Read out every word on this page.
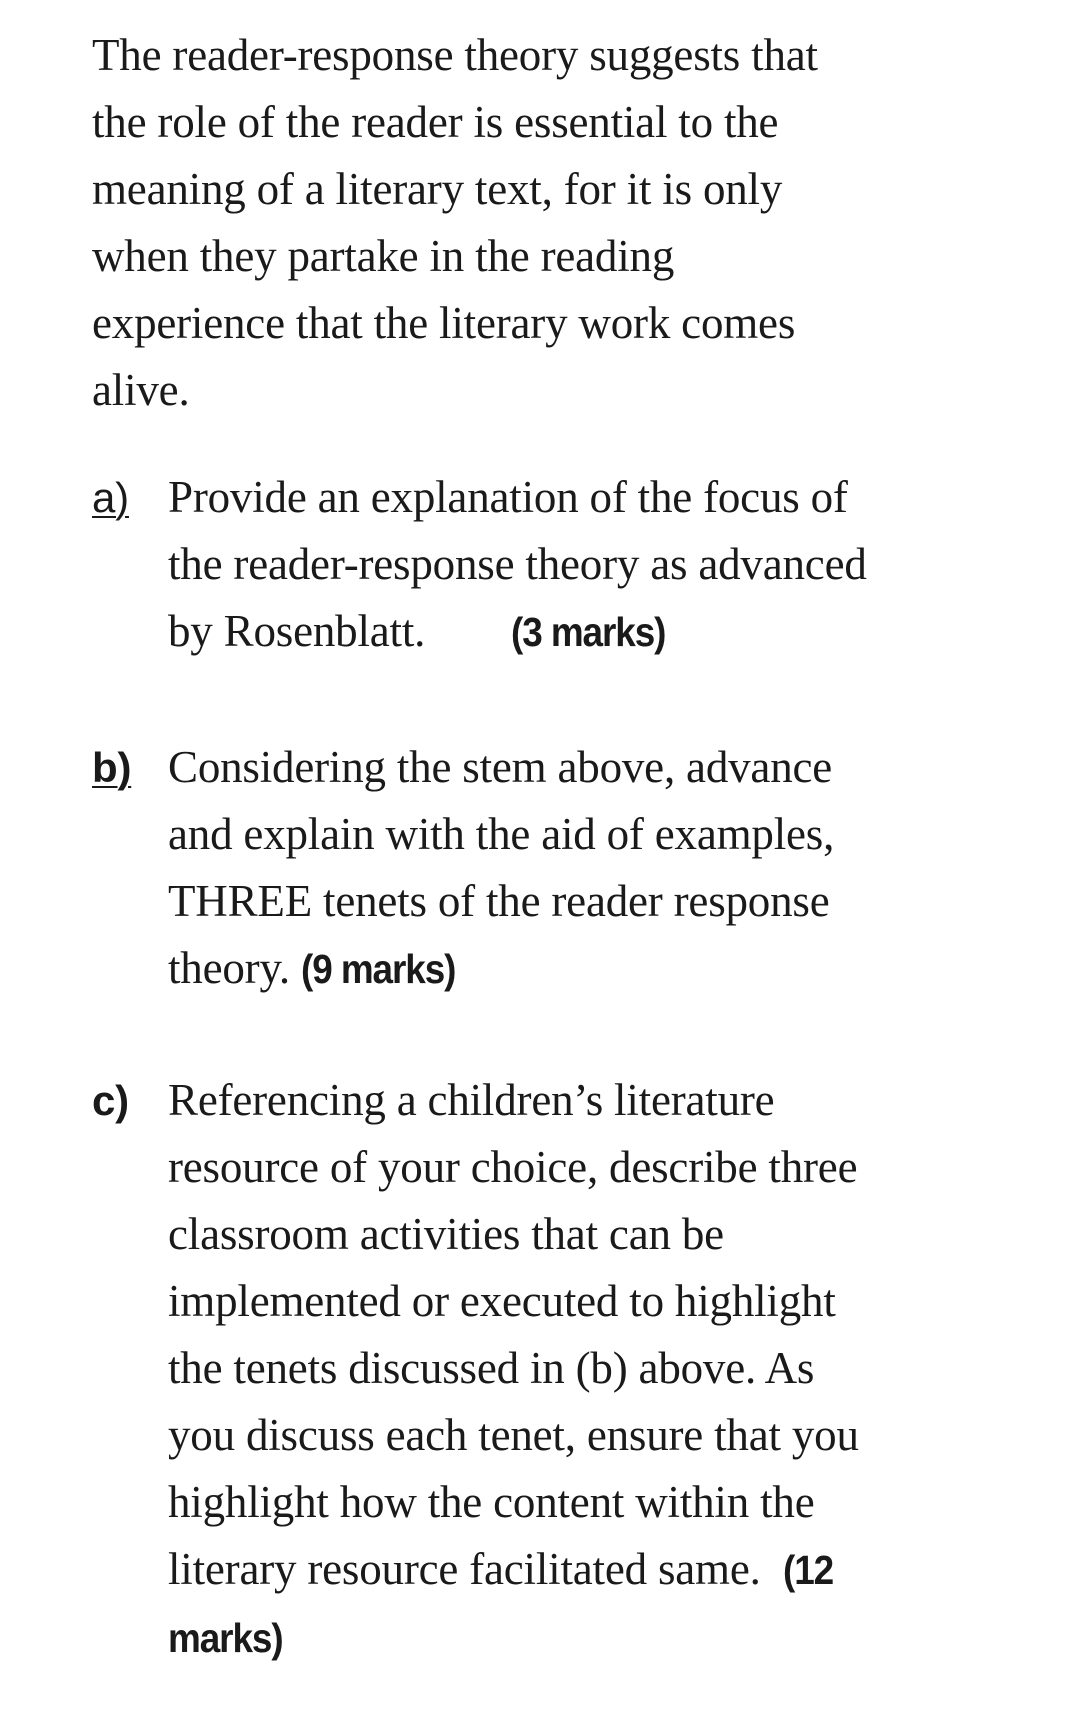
The reader-response theory suggests that
the role of the reader is essential to the
meaning of a literary text, for it is only
when they partake in the reading
experience that the literary work comes
alive.
a) Provide an explanation of the focus of
the reader-response theory as advanced
by Rosenblatt. (3 marks)
b) Considering the stem above, advance
and explain with the aid of examples,
THREE tenets of the reader response
theory. (9 marks)
c) Referencing a children’s literature
resource of your choice, describe three
classroom activities that can be
implemented or executed to highlight
the tenets discussed in (b) above. As
you discuss each tenet, ensure that you
highlight how the content within the
literary resource facilitated same. (12
marks)
